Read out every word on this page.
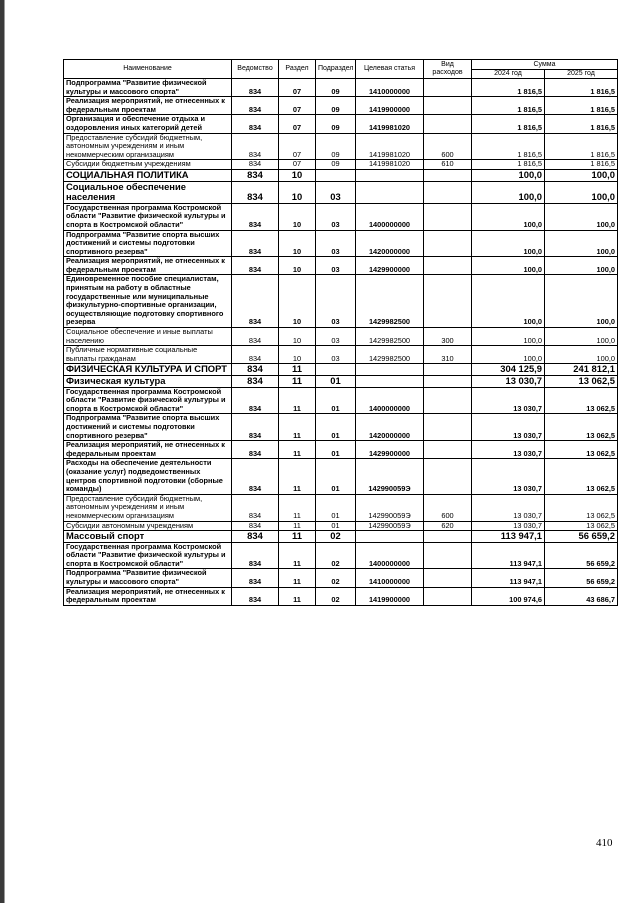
Наименование	Ведомство	Раздел	Подраздел	Целевая статья	Вид расходов	Сумма	
						2024 год	2025 год
Подпрограмма "Развитие физической культуры и массового спорта"	834	07	09	1410000000		1 816,5	1 816,5
Реализация мероприятий, не отнесенных к федеральным проектам	834	07	09	1419900000		1 816,5	1 816,5
Организация и обеспечение отдыха и оздоровления иных категорий детей	834	07	09	1419981020		1 816,5	1 816,5
Предоставление субсидий бюджетным, автономным учреждениям и иным некоммерческим организациям	834	07	09	1419981020	600	1 816,5	1 816,5
Субсидии бюджетным учреждениям	834	07	09	1419981020	610	1 816,5	1 816,5
СОЦИАЛЬНАЯ ПОЛИТИКА	834	10				100,0	100,0
Социальное обеспечение населения	834	10	03			100,0	100,0
Государственная программа Костромской области "Развитие физической культуры и спорта в Костромской области"	834	10	03	1400000000		100,0	100,0
Подпрограмма "Развитие спорта высших достижений и системы подготовки спортивного резерва"	834	10	03	1420000000		100,0	100,0
Реализация мероприятий, не отнесенных к федеральным проектам	834	10	03	1429900000		100,0	100,0
Единовременное пособие специалистам, принятым на работу в областные государственные или муниципальные физкультурно-спортивные организации, осуществляющие подготовку спортивного резерва	834	10	03	1429982500		100,0	100,0
Социальное обеспечение и иные выплаты населению	834	10	03	1429982500	300	100,0	100,0
Публичные нормативные социальные выплаты гражданам	834	10	03	1429982500	310	100,0	100,0
ФИЗИЧЕСКАЯ КУЛЬТУРА И СПОРТ	834	11				304 125,9	241 812,1
Физическая культура	834	11	01			13 030,7	13 062,5
Государственная программа Костромской области "Развитие физической культуры и спорта в Костромской области"	834	11	01	1400000000		13 030,7	13 062,5
Подпрограмма "Развитие спорта высших достижений и системы подготовки спортивного резерва"	834	11	01	1420000000		13 030,7	13 062,5
Реализация мероприятий, не отнесенных к федеральным проектам	834	11	01	1429900000		13 030,7	13 062,5
Расходы на обеспечение деятельности (оказание услуг) подведомственных центров спортивной подготовки (сборные команды)	834	11	01	142990059Э		13 030,7	13 062,5
Предоставление субсидий бюджетным, автономным учреждениям и иным некоммерческим организациям	834	11	01	142990059Э	600	13 030,7	13 062,5
Субсидии автономным учреждениям	834	11	01	142990059Э	620	13 030,7	13 062,5
Массовый спорт	834	11	02			113 947,1	56 659,2
Государственная программа Костромской области "Развитие физической культуры и спорта в Костромской области"	834	11	02	1400000000		113 947,1	56 659,2
Подпрограмма "Развитие физической культуры и массового спорта"	834	11	02	1410000000		113 947,1	56 659,2
Реализация мероприятий, не отнесенных к федеральным проектам	834	11	02	1419900000		100 974,6	43 686,7
410
